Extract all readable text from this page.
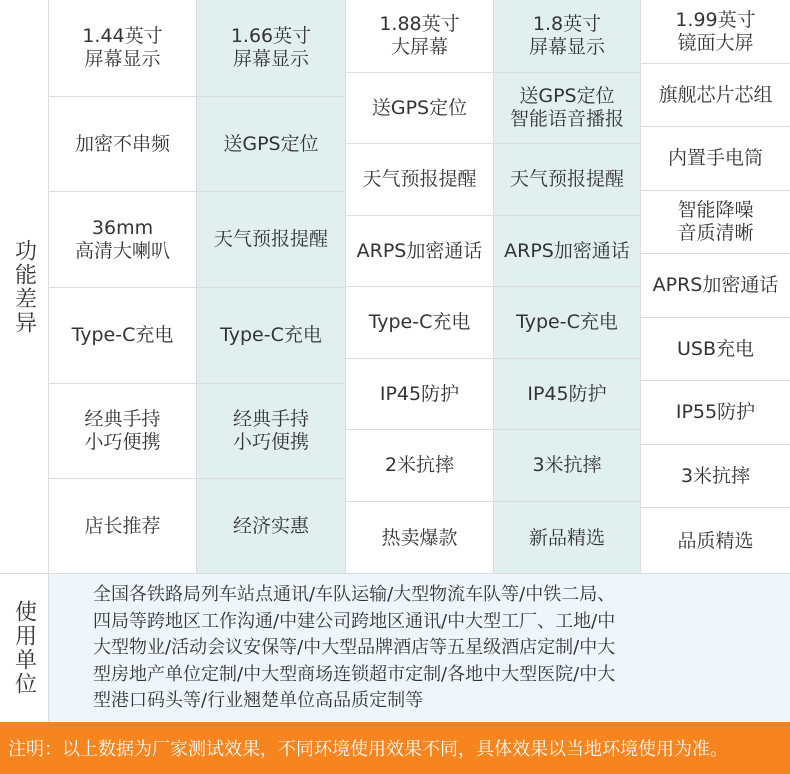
功能差异
1.44英寸
屏幕显示
加密不串频
36mm
高清大喇叭
Type-C充电
经典手持
小巧便携
店长推荐
1.66英寸
屏幕显示
送GPS定位
天气预报提醒
Type-C充电
经典手持
小巧便携
经济实惠
1.88英寸
大屏幕
送GPS定位
天气预报提醒
ARPS加密通话
Type-C充电
IP45防护
2米抗摔
热卖爆款
1.8英寸
屏幕显示
送GPS定位
智能语音播报
天气预报提醒
ARPS加密通话
Type-C充电
IP45防护
3米抗摔
新品精选
1.99英寸
镜面大屏
旗舰芯片芯组
内置手电筒
智能降噪
音质清晰
APRS加密通话
USB充电
IP55防护
3米抗摔
品质精选
使用单位
全国各铁路局列车站点通讯/车队运输/大型物流车队等/中铁二局、
四局等跨地区工作沟通/中建公司跨地区通讯/中大型工厂、工地/中
大型物业/活动会议安保等/中大型品牌酒店等五星级酒店定制/中大
型房地产单位定制/中大型商场连锁超市定制/各地中大型医院/中大
型港口码头等/行业翘楚单位高品质定制等
注明：以上数据为厂家测试效果，不同环境使用效果不同，具体效果以当地环境使用为准。
